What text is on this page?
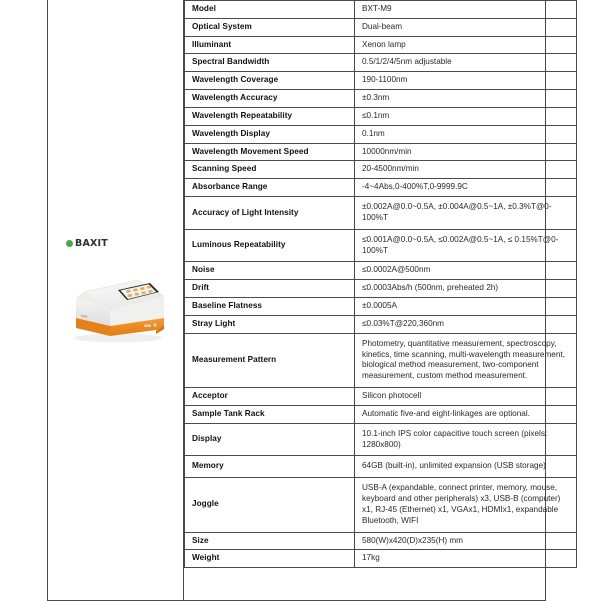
BAXIT

Model	BXT-M9
Optical System	Dual-beam
Illuminant	Xenon lamp
Spectral Bandwidth	0.5/1/2/4/5nm adjustable
Wavelength Coverage	190-1100nm
Wavelength Accuracy	±0.3nm
Wavelength Repeatability	≤0.1nm
Wavelength Display	0.1nm
Wavelength Movement Speed	10000nm/min
Scanning Speed	20-4500nm/min
Absorbance Range	-4~4Abs,0-400%T,0-9999.9C
Accuracy of Light Intensity	±0.002A@0.0~0.5A, ±0.004A@0.5~1A, ±0.3%T@0-100%T
Luminous Repeatability	≤0.001A@0.0~0.5A, ≤0.002A@0.5~1A, ≤ 0.15%T@0-100%T
Noise	≤0.0002A@500nm
Drift	≤0.0003Abs/h (500nm, preheated 2h)
Baseline Flatness	±0.0005A
Stray Light	≤0.03%T@220,360nm
Measurement Pattern	Photometry, quantitative measurement, spectroscopy, kinetics, time scanning, multi-wavelength measurement, biological method measurement, two-component measurement, custom method measurement.
Acceptor	Silicon photocell
Sample Tank Rack	Automatic five-and eight-linkages are optional.
Display	10.1-inch IPS color capacitive touch screen (pixels: 1280x800)
Memory	64GB (built-in), unlimited expansion (USB storage)
Joggle	USB-A (expandable, connect printer, memory, mouse, keyboard and other peripherals) x3, USB-B (computer) x1, RJ-45 (Ethernet) x1, VGAx1, HDMIx1, expandable Bluetooth, WIFI
Size	580(W)x420(D)x235(H) mm
Weight	17kg
